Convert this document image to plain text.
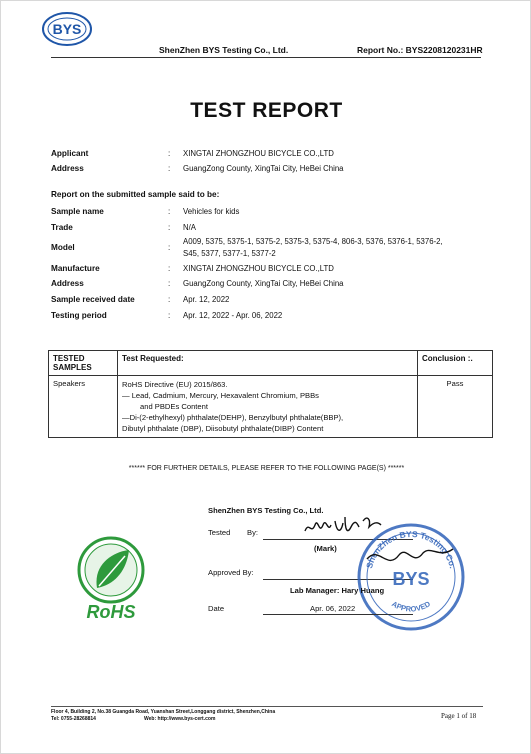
BYS
ShenZhen BYS Testing Co., Ltd.	Report No.: BYS2208120231HR
TEST REPORT
Applicant	: XINGTAI ZHONGZHOU BICYCLE CO.,LTD
Address	: GuangZong County, XingTai City, HeBei China
Report on the submitted sample said to be:
Sample name	: Vehicles for kids
Trade	: N/A
Model	:
A009, 5375, 5375-1, 5375-2, 5375-3, 5375-4, 806-3, 5376, 5376-1, 5376-2,
S45, 5377, 5377-1, 5377-2
Manufacture	: XINGTAI ZHONGZHOU BICYCLE CO.,LTD
Address	: GuangZong County, XingTai City, HeBei China
Sample received date	: Apr. 12, 2022
Testing period	: Apr. 12, 2022 - Apr. 06, 2022
TESTED
SAMPLES	Test Requested:	Conclusion :.
Speakers	RoHS Directive (EU) 2015/863.
— Lead, Cadmium, Mercury, Hexavalent Chromium, PBBs
and PBDEs Content
—Di-(2-ethylhexyl) phthalate(DEHP), Benzylbutyl phthalate(BBP),
Dibutyl phthalate (DBP), Diisobutyl phthalate(DIBP) Content	Pass
****** FOR FURTHER DETAILS, PLEASE REFER TO THE FOLLOWING PAGE(S) ******
RoHS
ShenZhen BYS Testing Co., Ltd.
Tested By:
(Mark)
Approved By:
ShenZhen BYS Testing Co.
BYS
APPROVED
Lab Manager: Hary Huang
Date	Apr. 06, 2022
Floor 4, Building 2, No.38 Guangda Road, Yuanshan Street,Longgang district, Shenzhen,China
Tel: 0755-28268814	Web: http://www.bys-cert.com	Page 1 of 18
